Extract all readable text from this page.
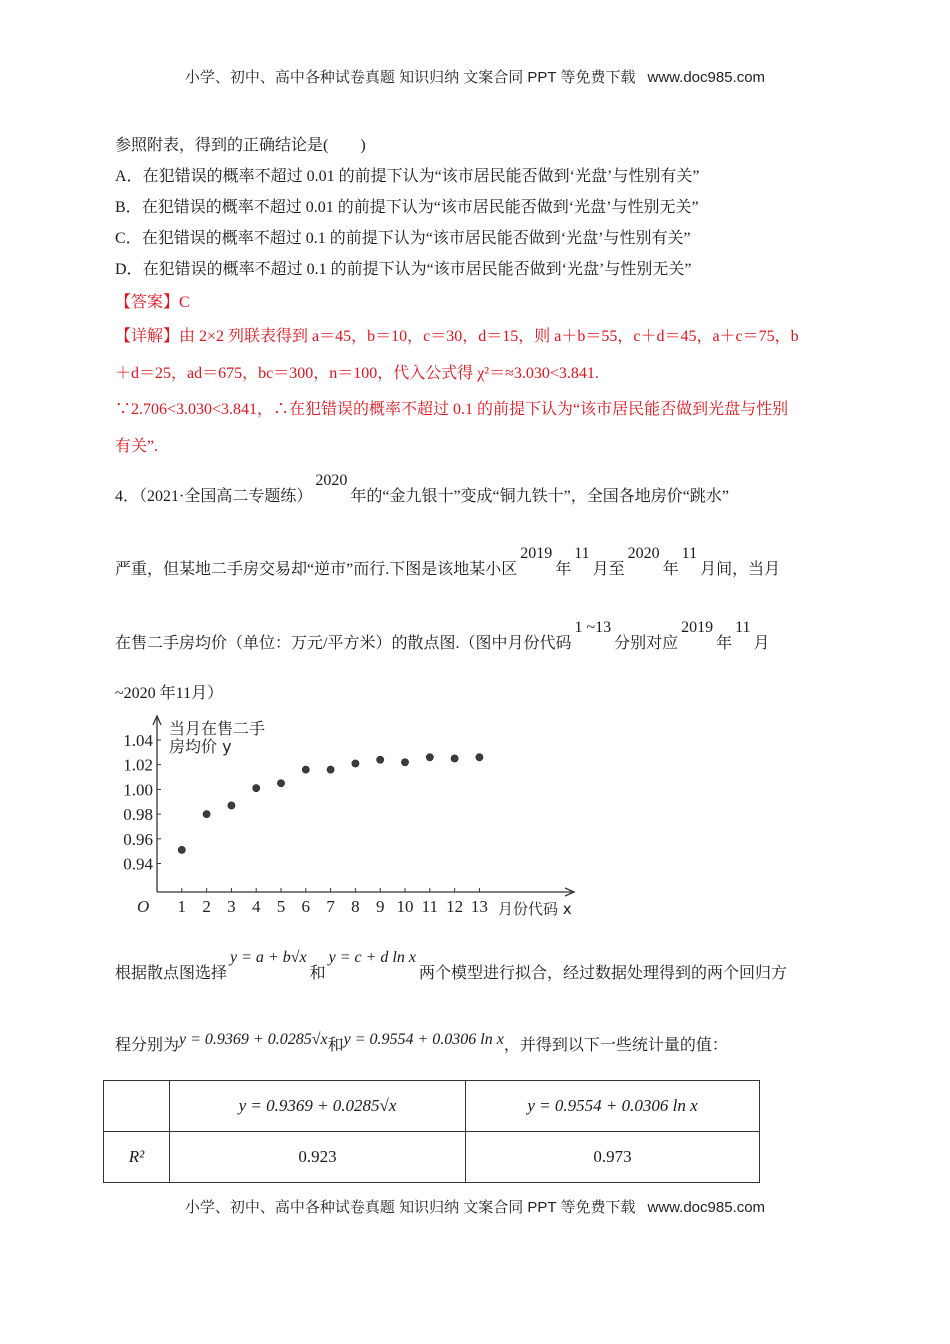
小学、初中、高中各种试卷真题 知识归纳 文案合同 PPT 等免费下载 www.doc985.com
参照附表，得到的正确结论是(　　)
A．在犯错误的概率不超过 0.01 的前提下认为“该市居民能否做到‘光盘’与性别有关”
B．在犯错误的概率不超过 0.01 的前提下认为“该市居民能否做到‘光盘’与性别无关”
C．在犯错误的概率不超过 0.1 的前提下认为“该市居民能否做到‘光盘’与性别有关”
D．在犯错误的概率不超过 0.1 的前提下认为“该市居民能否做到‘光盘’与性别无关”
【答案】C
【详解】由 2×2 列联表得到 a＝45，b＝10，c＝30，d＝15，则 a＋b＝55，c＋d＝45，a＋c＝75，b
＋d＝25，ad＝675，bc＝300，n＝100，代入公式得 χ²＝≈3.030<3.841.
∵2.706<3.030<3.841，∴在犯错误的概率不超过 0.1 的前提下认为“该市居民能否做到光盘与性别
有关”.
4．（2021·全国高二专题练）2020年的“金九银十”变成“铜九铁十”，全国各地房价“跳水”
严重，但某地二手房交易却“逆市”而行.下图是该地某小区2019年11月至2020年11月间，当月
在售二手房均价（单位：万元/平方米）的散点图.（图中月份代码1 ~13分别对应2019年11月
~2020 年11月）
0.94
0.96
0.98
1.00
1.02
1.04
1 2 3 4 5 6 7 8 9 10 11 12 13
O
当月在售二手
房均价 y
月份代码 x
根据散点图选择y = a + b√x和y = c + d ln x两个模型进行拟合，经过数据处理得到的两个回归方
程分别为y = 0.9369 + 0.0285√x和y = 0.9554 + 0.0306 ln x，并得到以下一些统计量的值：
	y = 0.9369 + 0.0285√x	y = 0.9554 + 0.0306 ln x
R²	0.923	0.973
小学、初中、高中各种试卷真题 知识归纳 文案合同 PPT 等免费下载 www.doc985.com
